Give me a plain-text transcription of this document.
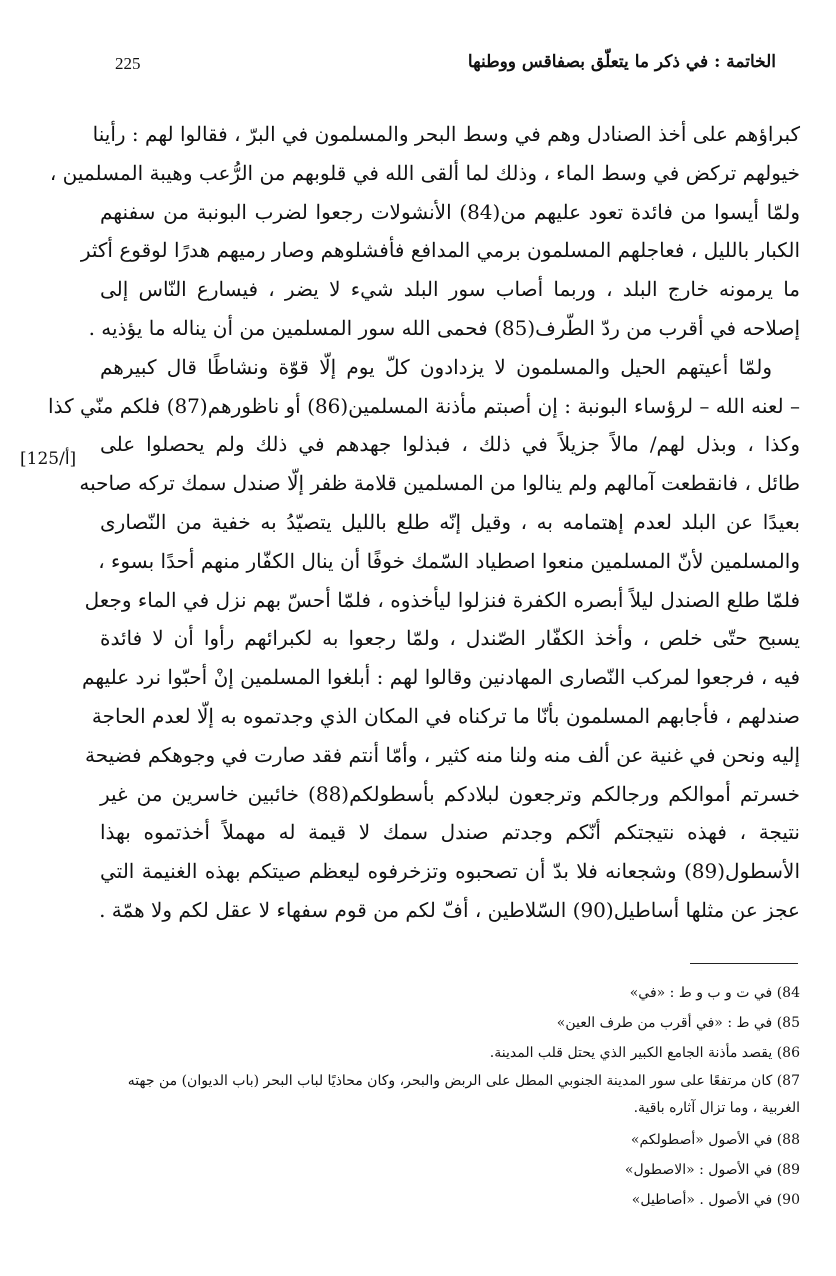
225	الخاتمة : في ذكر ما يتعلّق بصفاقس ووطنها
[125/أ]
كبراؤهم على أخذ الصنادل وهم في وسط البحر والمسلمون في البرّ ، فقالوا لهم : رأينا
خيولهم تركض في وسط الماء ، وذلك لما ألقى الله في قلوبهم من الرُّعب وهيبة المسلمين ،
ولمّا أيسوا من فائدة تعود عليهم من(84) الأنشولات رجعوا لضرب البونبة من سفنهم
الكبار بالليل ، فعاجلهم المسلمون برمي المدافع فأفشلوهم وصار رميهم هدرًا لوقوع أكثر
ما يرمونه خارج البلد ، وربما أصاب سور البلد شيء لا يضر ، فيسارع النّاس إلى
إصلاحه في أقرب من ردّ الطّرف(85) فحمى الله سور المسلمين من أن يناله ما يؤذيه .
ولمّا أعيتهم الحيل والمسلمون لا يزدادون كلّ يوم إلّا قوّة ونشاطًا قال كبيرهم
– لعنه الله – لرؤساء البونبة : إن أصبتم مأذنة المسلمين(86) أو ناظورهم(87) فلكم منّي كذا
وكذا ، وبذل لهم/ مالاً جزيلاً في ذلك ، فبذلوا جهدهم في ذلك ولم يحصلوا على
طائل ، فانقطعت آمالهم ولم ينالوا من المسلمين قلامة ظفر إلّا صندل سمك تركه صاحبه
بعيدًا عن البلد لعدم إهتمامه به ، وقيل إنّه طلع بالليل يتصيّدُ به خفية من النّصارى
والمسلمين لأنّ المسلمين منعوا اصطياد السّمك خوفًا أن ينال الكفّار منهم أحدًا بسوء ،
فلمّا طلع الصندل ليلاً أبصره الكفرة فنزلوا ليأخذوه ، فلمّا أحسّ بهم نزل في الماء وجعل
يسبح حتّى خلص ، وأخذ الكفّار الصّندل ، ولمّا رجعوا به لكبرائهم رأوا أن لا فائدة
فيه ، فرجعوا لمركب النّصارى المهادنين وقالوا لهم : أبلغوا المسلمين إنْ أحبّوا نرد عليهم
صندلهم ، فأجابهم المسلمون بأنّا ما تركناه في المكان الذي وجدتموه به إلّا لعدم الحاجة
إليه ونحن في غنية عن ألف منه ولنا منه كثير ، وأمّا أنتم فقد صارت في وجوهكم فضيحة
خسرتم أموالكم ورجالكم وترجعون لبلادكم بأسطولكم(88) خائبين خاسرين من غير
نتيجة ، فهذه نتيجتكم أنّكم وجدتم صندل سمك لا قيمة له مهملاً أخذتموه بهذا
الأسطول(89) وشجعانه فلا بدّ أن تصحبوه وتزخرفوه ليعظم صيتكم بهذه الغنيمة التي
عجز عن مثلها أساطيل(90) السّلاطين ، أفّ لكم من قوم سفهاء لا عقل لكم ولا همّة .
84) في ت و ب و ط : «في»
85) في ط : «في أقرب من طرف العين»
86) يقصد مأذنة الجامع الكبير الذي يحتل قلب المدينة.
87) كان مرتفعًا على سور المدينة الجنوبي المطل على الربض والبحر، وكان محاذيًا لباب البحر (باب الديوان) من جهته الغربية ، وما تزال آثاره باقية.
88) في الأصول «أصطولكم»
89) في الأصول : «الاصطول»
90) في الأصول . «أصاطيل»
